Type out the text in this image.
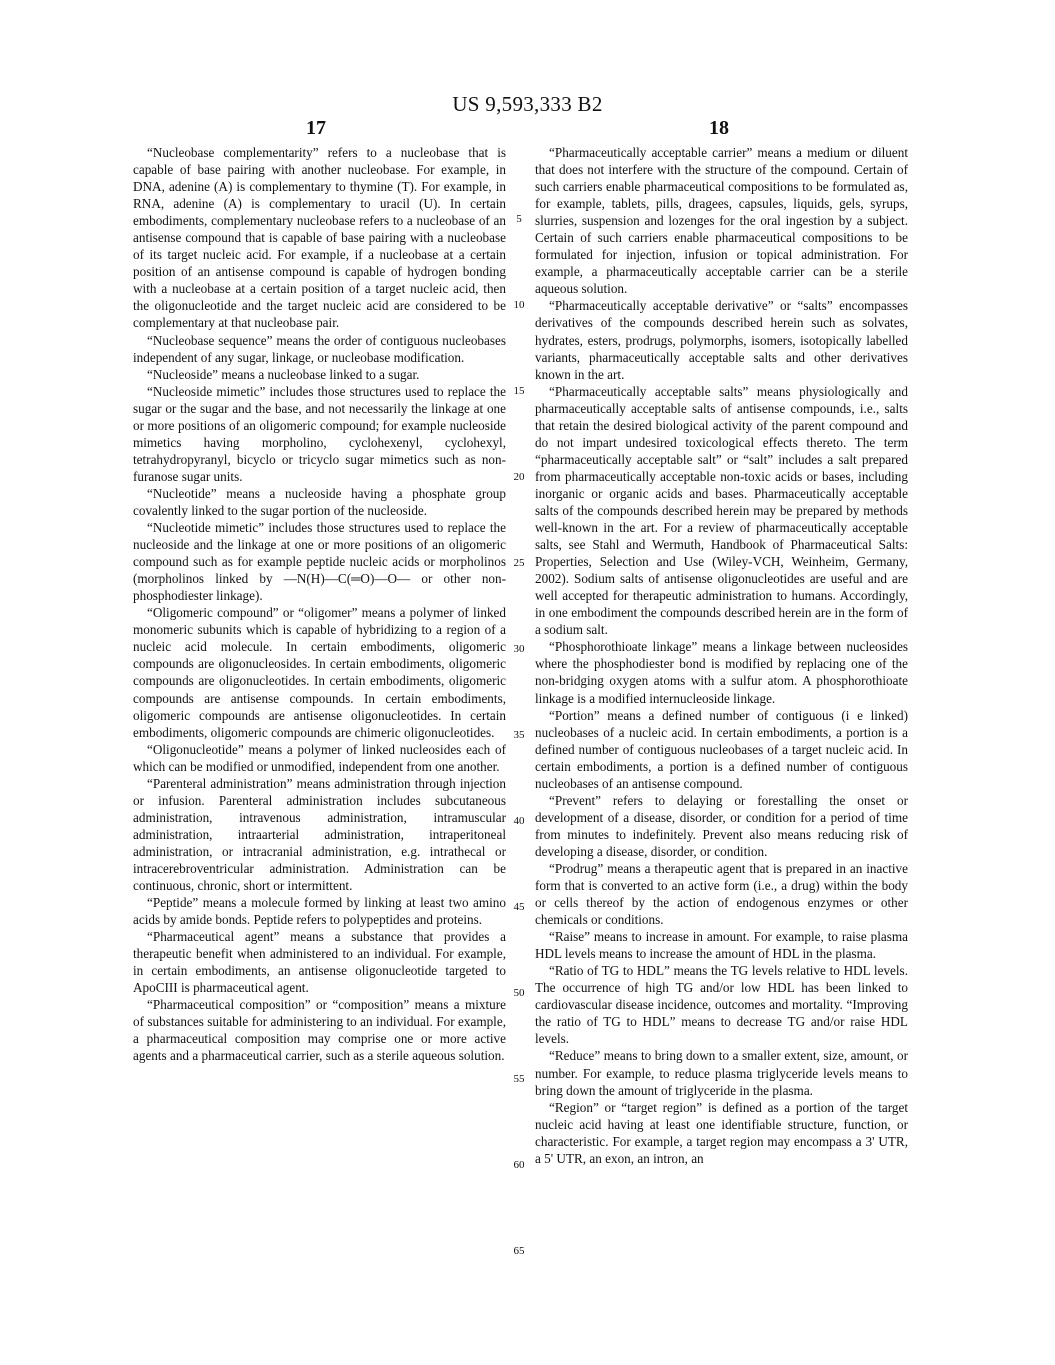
US 9,593,333 B2
17	18

“Nucleobase complementarity” refers to a nucleobase that is capable of base pairing with another nucleobase. For example, in DNA, adenine (A) is complementary to thymine (T). For example, in RNA, adenine (A) is complementary to uracil (U). In certain embodiments, complementary nucleobase refers to a nucleobase of an antisense compound that is capable of base pairing with a nucleobase of its target nucleic acid. For example, if a nucleobase at a certain position of an antisense compound is capable of hydrogen bonding with a nucleobase at a certain position of a target nucleic acid, then the oligonucleotide and the target nucleic acid are considered to be complementary at that nucleobase pair.

“Nucleobase sequence” means the order of contiguous nucleobases independent of any sugar, linkage, or nucleobase modification.

“Nucleoside” means a nucleobase linked to a sugar.

“Nucleoside mimetic” includes those structures used to replace the sugar or the sugar and the base, and not necessarily the linkage at one or more positions of an oligomeric compound; for example nucleoside mimetics having morpholino, cyclohexenyl, cyclohexyl, tetrahydropyranyl, bicyclo or tricyclo sugar mimetics such as non-furanose sugar units.

“Nucleotide” means a nucleoside having a phosphate group covalently linked to the sugar portion of the nucleoside.

“Nucleotide mimetic” includes those structures used to replace the nucleoside and the linkage at one or more positions of an oligomeric compound such as for example peptide nucleic acids or morpholinos (morpholinos linked by —N(H)—C(═O)—O— or other non-phosphodiester linkage).

“Oligomeric compound” or “oligomer” means a polymer of linked monomeric subunits which is capable of hybridizing to a region of a nucleic acid molecule. In certain embodiments, oligomeric compounds are oligonucleosides. In certain embodiments, oligomeric compounds are oligonucleotides. In certain embodiments, oligomeric compounds are antisense compounds. In certain embodiments, oligomeric compounds are antisense oligonucleotides. In certain embodiments, oligomeric compounds are chimeric oligonucleotides.

“Oligonucleotide” means a polymer of linked nucleosides each of which can be modified or unmodified, independent from one another.

“Parenteral administration” means administration through injection or infusion. Parenteral administration includes subcutaneous administration, intravenous administration, intramuscular administration, intraarterial administration, intraperitoneal administration, or intracranial administration, e.g. intrathecal or intracerebroventricular administration. Administration can be continuous, chronic, short or intermittent.

“Peptide” means a molecule formed by linking at least two amino acids by amide bonds. Peptide refers to polypeptides and proteins.

“Pharmaceutical agent” means a substance that provides a therapeutic benefit when administered to an individual. For example, in certain embodiments, an antisense oligonucleotide targeted to ApoCIII is pharmaceutical agent.

“Pharmaceutical composition” or “composition” means a mixture of substances suitable for administering to an individual. For example, a pharmaceutical composition may comprise one or more active agents and a pharmaceutical carrier, such as a sterile aqueous solution.

5
10
15
20
25
30
35
40
45
50
55
60
65

“Pharmaceutically acceptable carrier” means a medium or diluent that does not interfere with the structure of the compound. Certain of such carriers enable pharmaceutical compositions to be formulated as, for example, tablets, pills, dragees, capsules, liquids, gels, syrups, slurries, suspension and lozenges for the oral ingestion by a subject. Certain of such carriers enable pharmaceutical compositions to be formulated for injection, infusion or topical administration. For example, a pharmaceutically acceptable carrier can be a sterile aqueous solution.

“Pharmaceutically acceptable derivative” or “salts” encompasses derivatives of the compounds described herein such as solvates, hydrates, esters, prodrugs, polymorphs, isomers, isotopically labelled variants, pharmaceutically acceptable salts and other derivatives known in the art.

“Pharmaceutically acceptable salts” means physiologically and pharmaceutically acceptable salts of antisense compounds, i.e., salts that retain the desired biological activity of the parent compound and do not impart undesired toxicological effects thereto. The term “pharmaceutically acceptable salt” or “salt” includes a salt prepared from pharmaceutically acceptable non-toxic acids or bases, including inorganic or organic acids and bases. Pharmaceutically acceptable salts of the compounds described herein may be prepared by methods well-known in the art. For a review of pharmaceutically acceptable salts, see Stahl and Wermuth, Handbook of Pharmaceutical Salts: Properties, Selection and Use (Wiley-VCH, Weinheim, Germany, 2002). Sodium salts of antisense oligonucleotides are useful and are well accepted for therapeutic administration to humans. Accordingly, in one embodiment the compounds described herein are in the form of a sodium salt.

“Phosphorothioate linkage” means a linkage between nucleosides where the phosphodiester bond is modified by replacing one of the non-bridging oxygen atoms with a sulfur atom. A phosphorothioate linkage is a modified internucleoside linkage.

“Portion” means a defined number of contiguous (i e linked) nucleobases of a nucleic acid. In certain embodiments, a portion is a defined number of contiguous nucleobases of a target nucleic acid. In certain embodiments, a portion is a defined number of contiguous nucleobases of an antisense compound.

“Prevent” refers to delaying or forestalling the onset or development of a disease, disorder, or condition for a period of time from minutes to indefinitely. Prevent also means reducing risk of developing a disease, disorder, or condition.

“Prodrug” means a therapeutic agent that is prepared in an inactive form that is converted to an active form (i.e., a drug) within the body or cells thereof by the action of endogenous enzymes or other chemicals or conditions.

“Raise” means to increase in amount. For example, to raise plasma HDL levels means to increase the amount of HDL in the plasma.

“Ratio of TG to HDL” means the TG levels relative to HDL levels. The occurrence of high TG and/or low HDL has been linked to cardiovascular disease incidence, outcomes and mortality. “Improving the ratio of TG to HDL” means to decrease TG and/or raise HDL levels.

“Reduce” means to bring down to a smaller extent, size, amount, or number. For example, to reduce plasma triglyceride levels means to bring down the amount of triglyceride in the plasma.

“Region” or “target region” is defined as a portion of the target nucleic acid having at least one identifiable structure, function, or characteristic. For example, a target region may encompass a 3' UTR, a 5' UTR, an exon, an intron, an
